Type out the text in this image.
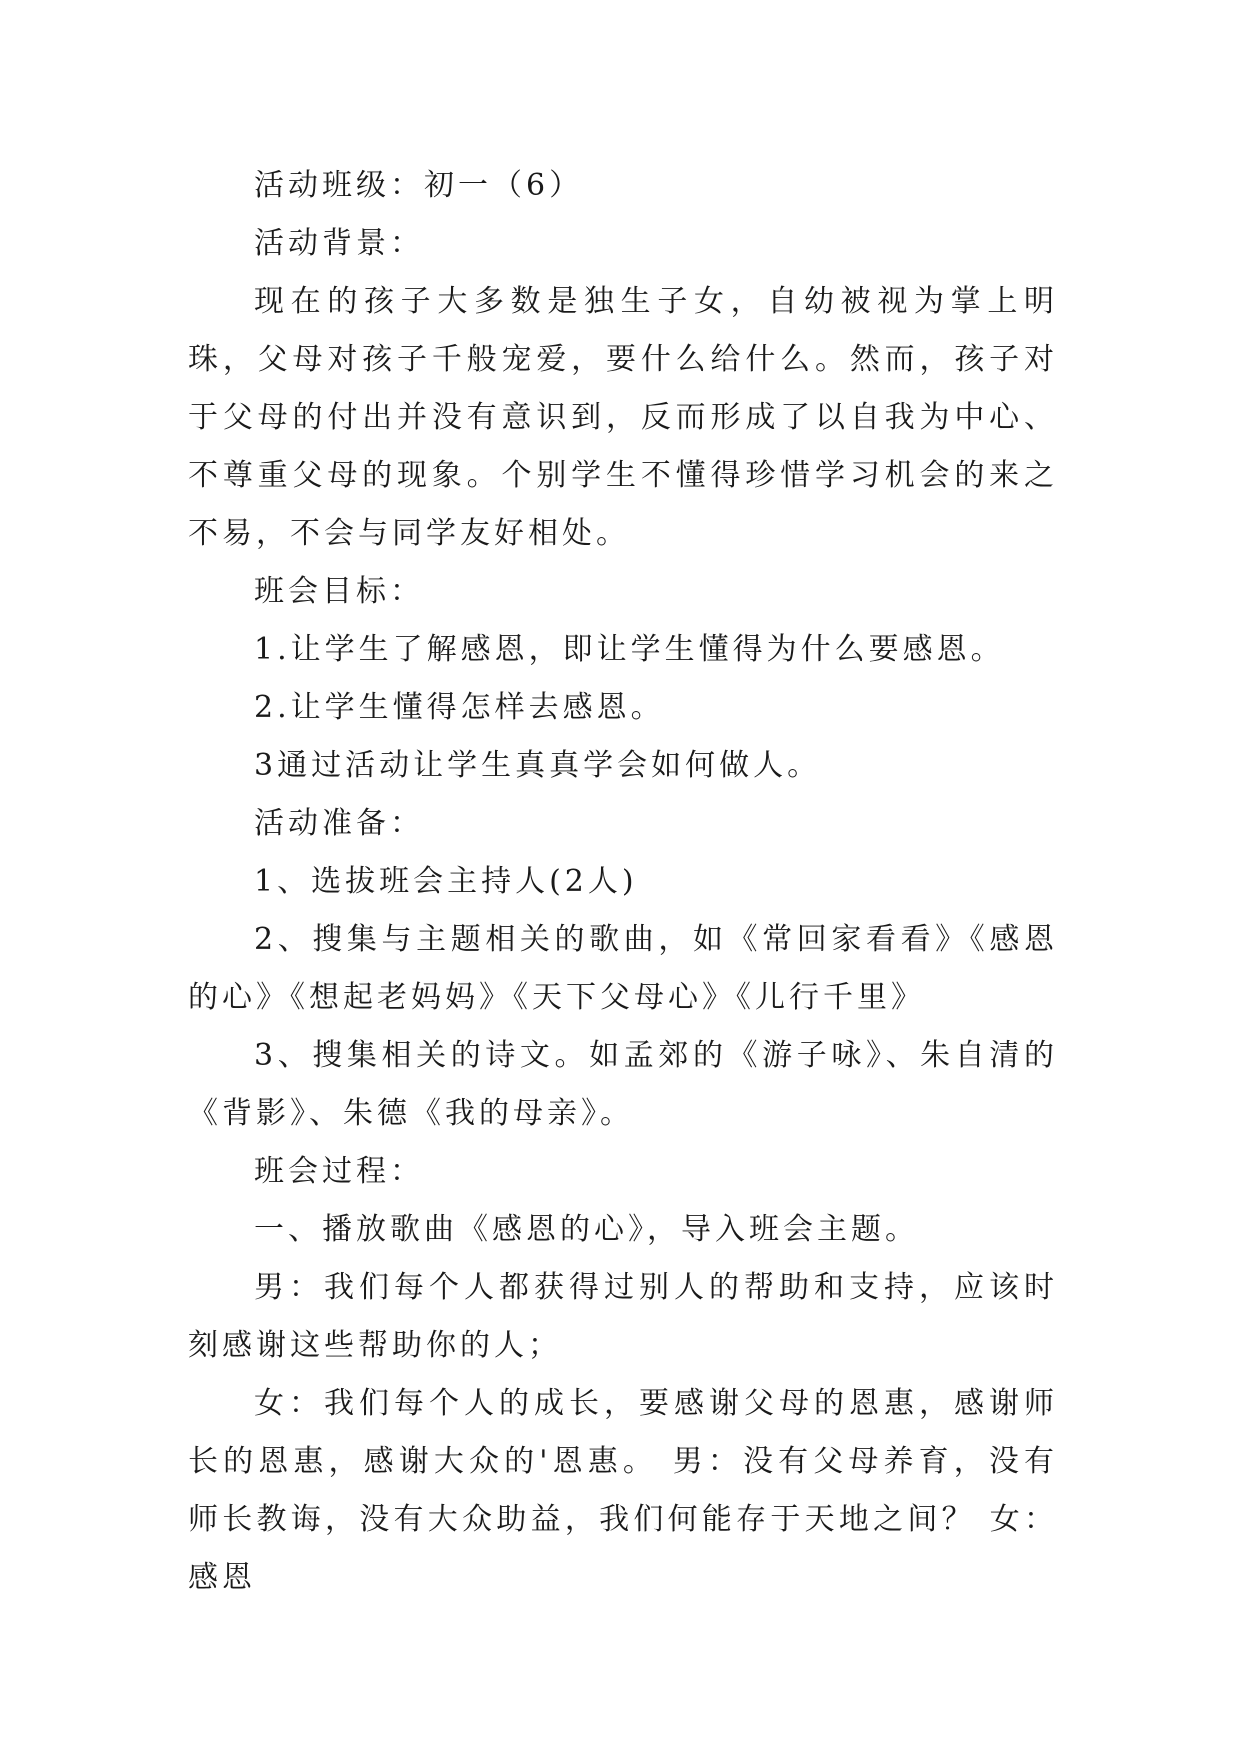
活动班级：初一（6）

活动背景：

现在的孩子大多数是独生子女，自幼被视为掌上明珠，父母对孩子千般宠爱，要什么给什么。然而，孩子对于父母的付出并没有意识到，反而形成了以自我为中心、不尊重父母的现象。个别学生不懂得珍惜学习机会的来之不易，不会与同学友好相处。

班会目标：

1.让学生了解感恩，即让学生懂得为什么要感恩。

2.让学生懂得怎样去感恩。

3通过活动让学生真真学会如何做人。

活动准备：

1、选拔班会主持人(2人)

2、搜集与主题相关的歌曲，如《常回家看看》《感恩的心》《想起老妈妈》《天下父母心》《儿行千里》

3、搜集相关的诗文。如孟郊的《游子咏》、朱自清的《背影》、朱德《我的母亲》。

班会过程：

一、播放歌曲《感恩的心》，导入班会主题。

男：我们每个人都获得过别人的帮助和支持，应该时刻感谢这些帮助你的人；

女：我们每个人的成长，要感谢父母的恩惠，感谢师长的恩惠，感谢大众的'恩惠。 男：没有父母养育，没有师长教诲，没有大众助益，我们何能存于天地之间？ 女：感恩
